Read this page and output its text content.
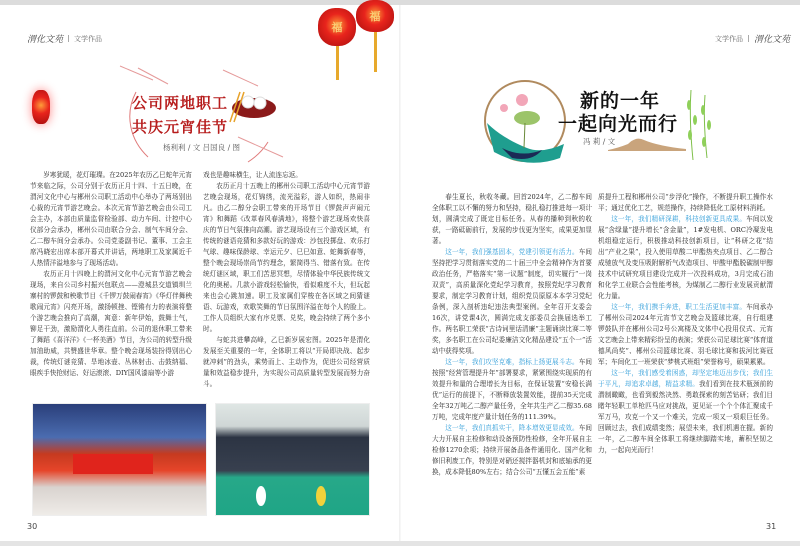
渭化文苑 文学作品
福
福
公司两地职工
共庆元宵佳节
杨利利 / 文 吕国良 / 图

岁寒犹暖，花灯璀璨。在2025年农历乙巳蛇年元宵节来临之际，公司分别于农历正月十四、十五日晚，在渭河文化中心与郴州公司职工活动中心举办了两场别出心裁的元宵节游艺晚会。本次元宵节游艺晚会由公司工会主办，本部由质量监督检验部、动力车间、计控中心仪部分会承办，郴州公司由联合分会、制气车间分会、乙二醇车间分会承办。公司党委副书记、董事、工会主席冯晓宏出席本部开幕式并讲话，两地职工及家属近千人热情洋溢地参与了现场活动。

农历正月十四晚上的渭河文化中心元宵节游艺晚会现场，来自公司乡村振兴包联点——澄城县交道镇圳兰寨村的锣鼓和秧歌节目《千锣万鼓闹春宵》《华灯伴舞秧歌闹元宵》闪亮开场，激扬顿挫、铿锵有力的表演将整个游艺晚会推向了高潮，寓意：新年伊始，鼓舞士气，铆足干劲，激励渭化人勇往直前。公司的退休职工带来了舞蹈《喜洋洋》《一杯美酒》节目，为公司的转型升级加油助威，共赞盛世华章。整个晚会现场装扮得别出心裁，传统灯谜竞猜、旱地冰壶、丛林射击、击鼓纳福、眼疾手快抢财运、好运滚滚、DIY国风漆扇等小游

戏也是趣味横生，让人流连忘返。

农历正月十五晚上的郴州公司职工活动中心元宵节游艺晚会现场，花灯锦绣，流光溢彩，游人如织，热闹非凡。由乙二醇分会职工带来的开场节目《锣鼓声声闹元宵》和舞蹈《改革春风春满地》，将整个游艺现场欢快喜庆的节日气氛推向高潮。游艺现场设有三个游戏区域，有传统的谜语竞猜和多款好玩的游戏：沙包投掷盘、欢乐打气球、趣味保龄球、幸运元夕、巳巳如意、蛇舞新春等，整个晚会现场崇尚节约理念，繁简得当、错落有致。在传统灯谜区域，职工们苦思冥想，尽情体验中华民族传统文化的奥秘。几款小游戏轻松愉快，看似难度不大，但玩起来也会心跳加速。职工及家属们穿梭在各区域之间猜谜语、玩游戏，欢歌笑舞的节日氛围洋溢在每个人的脸上。工作人员组织大家有序兑票、兑奖，晚会持续了两个多小时。

与蛇共进攀高峰，乙巳新岁展宏图。2025年是渭化发展至关重要的一年，全体职工将以“开局即决战、起步就冲刺”的劲头，乘势而上、主动作为，促进公司经营质量和效益稳步提升，为实现公司高质量转型发展而努力奋斗。

30
文学作品 渭化文苑
新的一年
一起向光而行
冯 莉 / 文

春生夏长，秋收冬藏。回首2024年，乙二醇车间全体职工以不懈的努力和坚持，稳扎稳打推进每一项计划，圆满完成了既定目标任务。从春的播种到秋的收获，一路砥砺前行，发展的步伐更为坚实，成果更加显著。

这一年，我们强基固本，党建引领更有活力。车间坚持把学习贯彻落实党的二十届三中全会精神作为首要政治任务，严格落实“第一议题”制度，切实履行“一岗双责”，高质量深化党纪学习教育，按照党纪学习教育要求，制定学习教育计划，组织党员原原本本学习党纪条例，深入剖析违纪违法典型案例。全年召开支委会16次，讲党课4次，圆满完成支部委员会换届选举工作。两名职工荣获“古诗词里话清廉”主题诵读比赛二等奖，多名职工在公司纪委廉洁文化精品建设“五个一”活动中获得奖项。

这一年，我们攻坚克难，指标上扬更展斗志。车间按照“经营管理提升年”部署要求，紧紧围绕实现质的有效提升和量的合理增长为目标，在保证装置“安稳长满优”运行的前提下，不断释放装置效能，提前35天完成全年32万吨乙二醇产量任务，全年共生产乙二醇35.68万吨，完成年度产量计划任务的111.39%。

这一年，我们真抓实干，降本增效更显成效。车间大力开展自主检修和动设备预防性检修，全年开展自主检修1270余项；持续开展备品备件通用化、国产化和修旧利废工作，特别是对硝还搅拌器机封和底轴承的更换，成本降低80%左右；结合公司“五懂五会五能”素

质提升工程和郴州公司“步浮化”操作，不断提升职工操作水平；通过优化工艺，规范操作，持续降低化工原材料消耗。

这一年，我们精研深耕，科技创新更具成果。车间以发展“含绿量”提升增长“含金量”，1#发电机、ORC冷凝发电机组稳定运行，积极推动科技创新项目，让“科研之花”结出“产业之果”，投入使用草酸二甲酯热夹点项目、乙二醇合成驰放气及变压吸附解析气改造项目、甲酸甲酯脱碳制甲醇技术中试研究项目建设完成并一次投料成功，3月完成石油和化学工业联合会性能考核，为煤制乙二醇行业发展贡献渭化力量。

这一年，我们携手奔进，职工生活更加丰富。车间承办了郴州公司2024年元宵节文艺晚会及篮球比赛，自行组建锣鼓队并在郴州公司2号公寓楼及文体中心投用仪式、元宵文艺晚会上带来精彩纷呈的表演；荣获公司足球比赛“体育道德风尚奖”、郴州公司篮球比赛、羽毛球比赛和拔河比赛冠军；车间化工一班荣获“梦桃式班组”荣誉称号，硕果累累。

这一年，我们感受着困惑，却坚定地迈出步伐；我们生于平凡，却追求卓越，精益求精。我们看到在技术瓶颈前的潜制瞰瞰，也看到毅然决然、勇敢探索的刻苦钻研；我们目睹年轻职工单枪匹马应对挑战，更见证一个个个体汇聚成千军万马，攻克一个又一个难关，完成一项又一项艰巨任务。回顾过去，我们成绩斐然；展望未来，我们机遇在握。新的一年，乙二醇车间全体职工将继续脚踏实地，蓄积坚韧之力，一起向光而行！

31
